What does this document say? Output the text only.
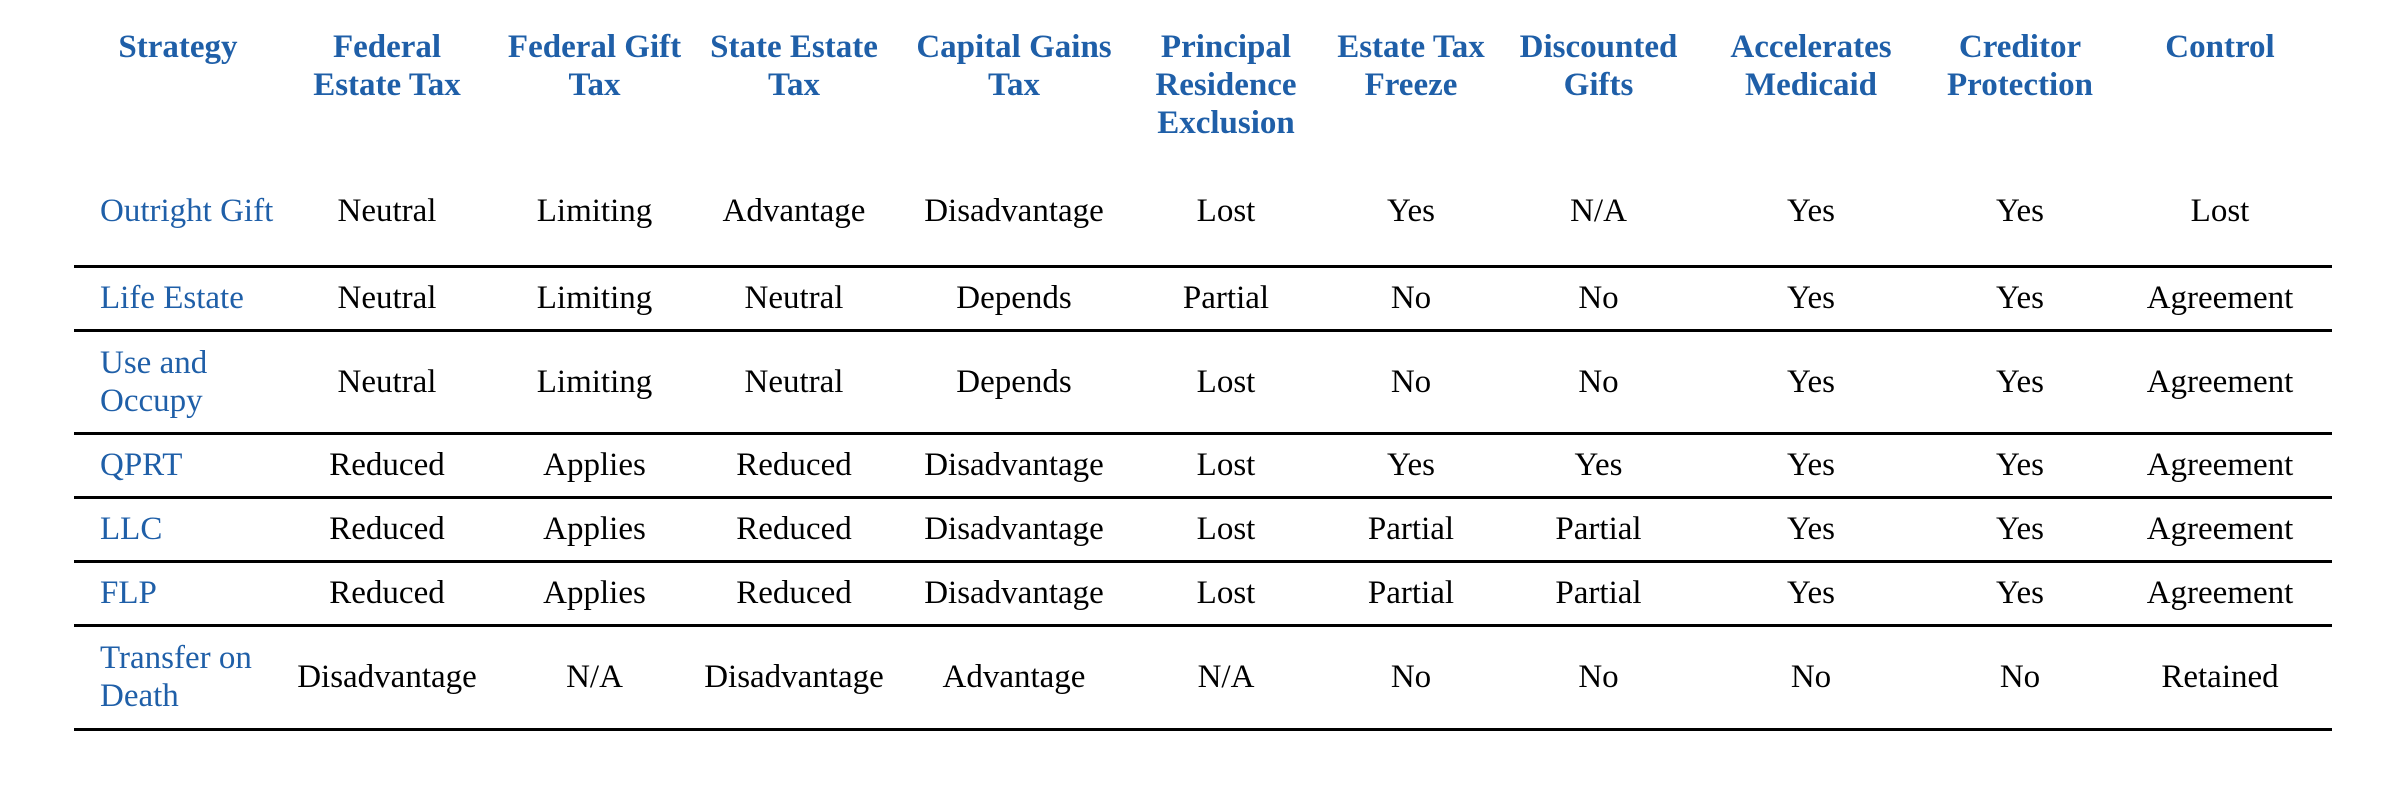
Strategy	Federal Estate Tax	Federal Gift Tax	State Estate Tax	Capital Gains Tax	Principal Residence Exclusion	Estate Tax Freeze	Discounted Gifts	Accelerates Medicaid	Creditor Protection	Control
Outright Gift	Neutral	Limiting	Advantage	Disadvantage	Lost	Yes	N/A	Yes	Yes	Lost
Life Estate	Neutral	Limiting	Neutral	Depends	Partial	No	No	Yes	Yes	Agreement
Use and Occupy	Neutral	Limiting	Neutral	Depends	Lost	No	No	Yes	Yes	Agreement
QPRT	Reduced	Applies	Reduced	Disadvantage	Lost	Yes	Yes	Yes	Yes	Agreement
LLC	Reduced	Applies	Reduced	Disadvantage	Lost	Partial	Partial	Yes	Yes	Agreement
FLP	Reduced	Applies	Reduced	Disadvantage	Lost	Partial	Partial	Yes	Yes	Agreement
Transfer on Death	Disadvantage	N/A	Disadvantage	Advantage	N/A	No	No	No	No	Retained
